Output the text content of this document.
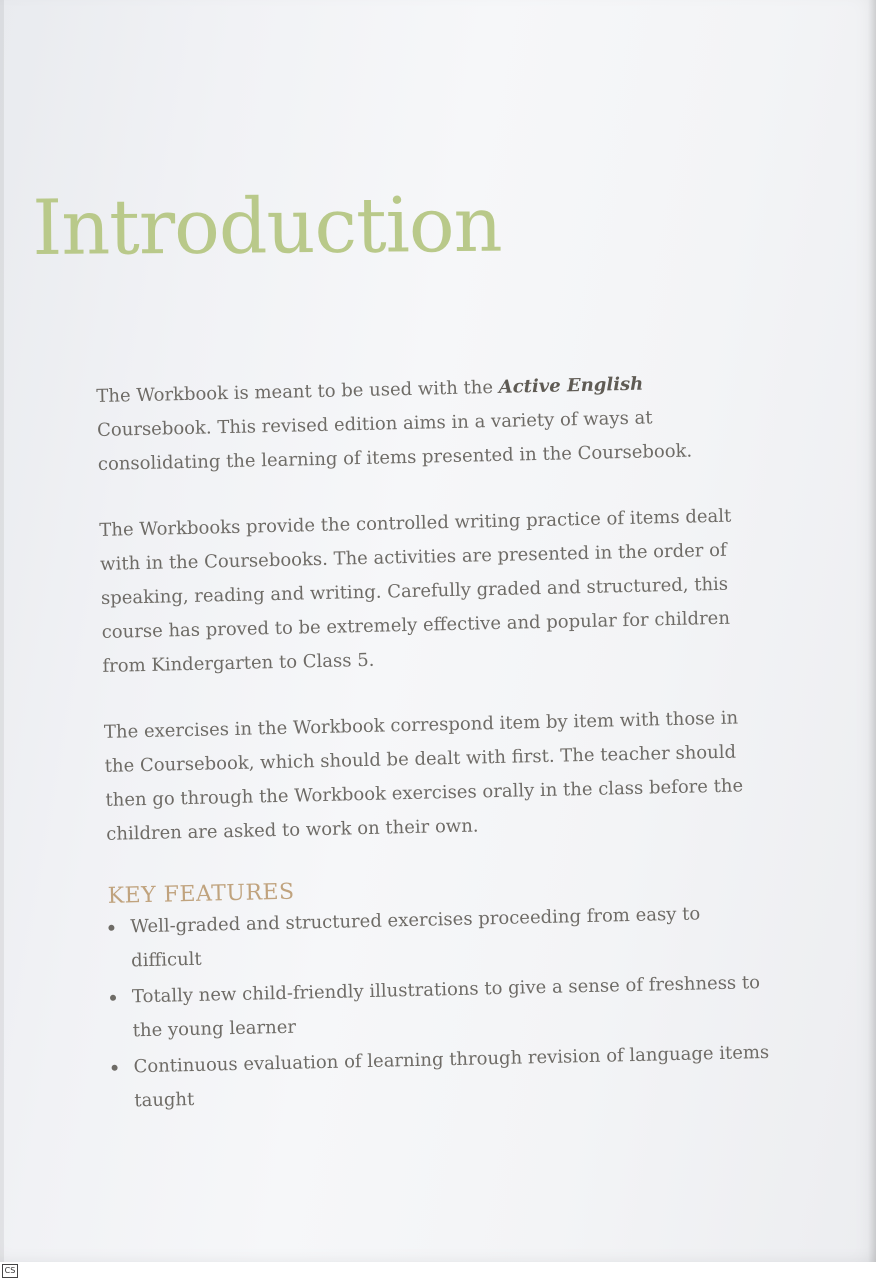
Introduction

The Workbook is meant to be used with the Active English Coursebook. This revised edition aims in a variety of ways at consolidating the learning of items presented in the Coursebook.

The Workbooks provide the controlled writing practice of items dealt with in the Coursebooks. The activities are presented in the order of speaking, reading and writing. Carefully graded and structured, this course has proved to be extremely effective and popular for children from Kindergarten to Class 5.

The exercises in the Workbook correspond item by item with those in the Coursebook, which should be dealt with first. The teacher should then go through the Workbook exercises orally in the class before the children are asked to work on their own.

KEY FEATURES
Well-graded and structured exercises proceeding from easy to difficult
Totally new child-friendly illustrations to give a sense of freshness to the young learner
Continuous evaluation of learning through revision of language items taught
CS
